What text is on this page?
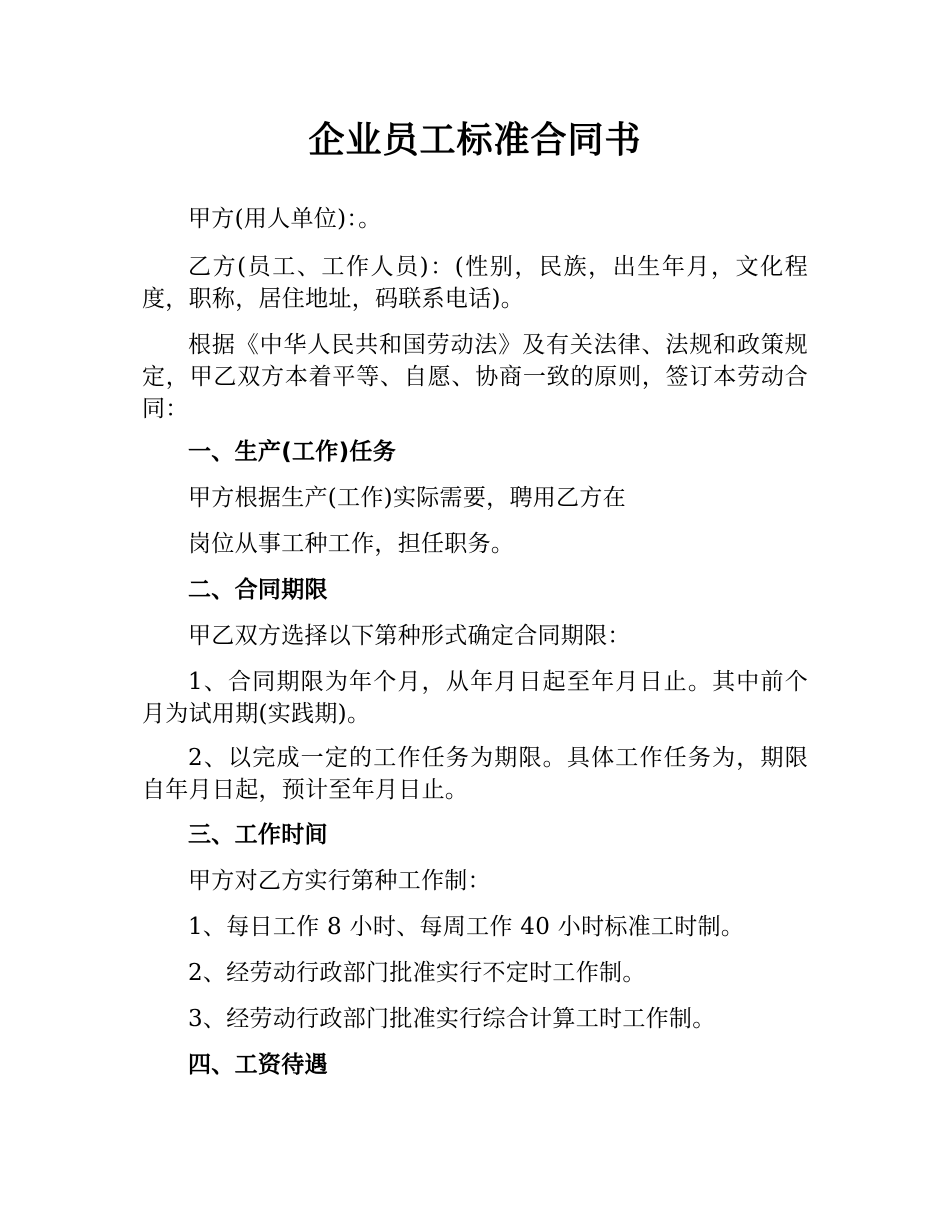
企业员工标准合同书

甲方(用人单位)：。

乙方(员工、工作人员)：(性别，民族，出生年月，文化程度，职称，居住地址，码联系电话)。

根据《中华人民共和国劳动法》及有关法律、法规和政策规定，甲乙双方本着平等、自愿、协商一致的原则，签订本劳动合同：

一、生产(工作)任务

甲方根据生产(工作)实际需要，聘用乙方在

岗位从事工种工作，担任职务。

二、合同期限

甲乙双方选择以下第种形式确定合同期限：

1、合同期限为年个月，从年月日起至年月日止。其中前个月为试用期(实践期)。

2、以完成一定的工作任务为期限。具体工作任务为，期限自年月日起，预计至年月日止。

三、工作时间

甲方对乙方实行第种工作制：

1、每日工作 8 小时、每周工作 40 小时标准工时制。

2、经劳动行政部门批准实行不定时工作制。

3、经劳动行政部门批准实行综合计算工时工作制。

四、工资待遇
